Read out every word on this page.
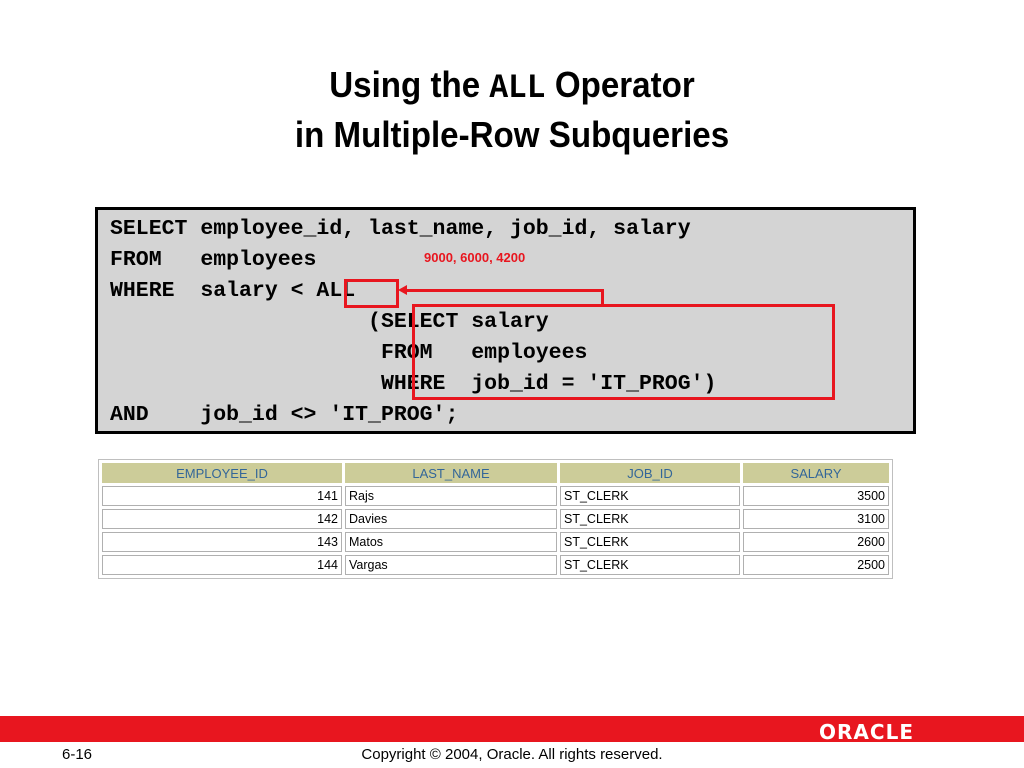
Using the ALL Operator
in Multiple-Row Subqueries
SELECT employee_id, last_name, job_id, salary
FROM   employees
WHERE  salary < ALL
(SELECT salary
FROM   employees
WHERE  job_id = 'IT_PROG')
AND    job_id <> 'IT_PROG';
9000, 6000, 4200
EMPLOYEE_ID	LAST_NAME	JOB_ID	SALARY
141	Rajs	ST_CLERK	3500
142	Davies	ST_CLERK	3100
143	Matos	ST_CLERK	2600
144	Vargas	ST_CLERK	2500
ORACLE
6-16	Copyright © 2004, Oracle. All rights reserved.
